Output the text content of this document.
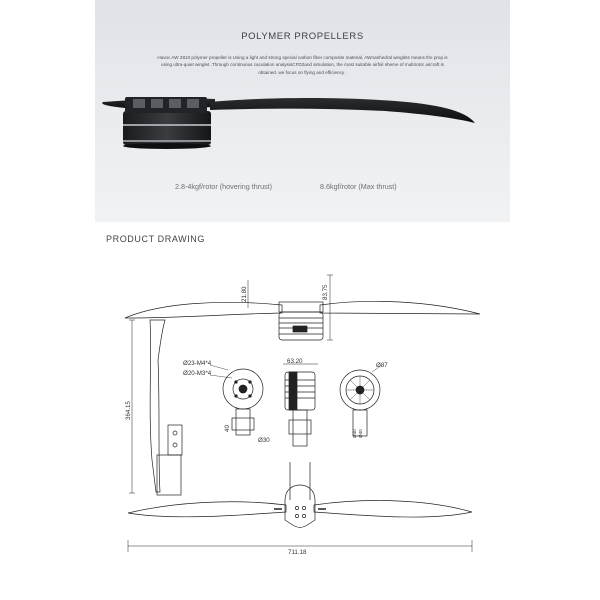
POLYMER PROPELLERS
Havoc AW 2810 polymer propeller is Using a light and strong special carbon fiber composite material, AWnanhedral winglets means the prop is using ultra-quiet winglet .Through continuous caculation analysisCFD2and simulation, the most suitable airfoil sheme of multirotor aircraft is obtained. we focus on flying and efficiency .
2.8-4kgf/rotor (hovering thrust)	8.6kgf/rotor (Max thrust)
PRODUCT DRAWING
21.80	83.75
Ø23-M4*4
Ø20-M3*4
63.20
Ø87
364.15
40
Ø30
Ø30 Ø40
711.18
